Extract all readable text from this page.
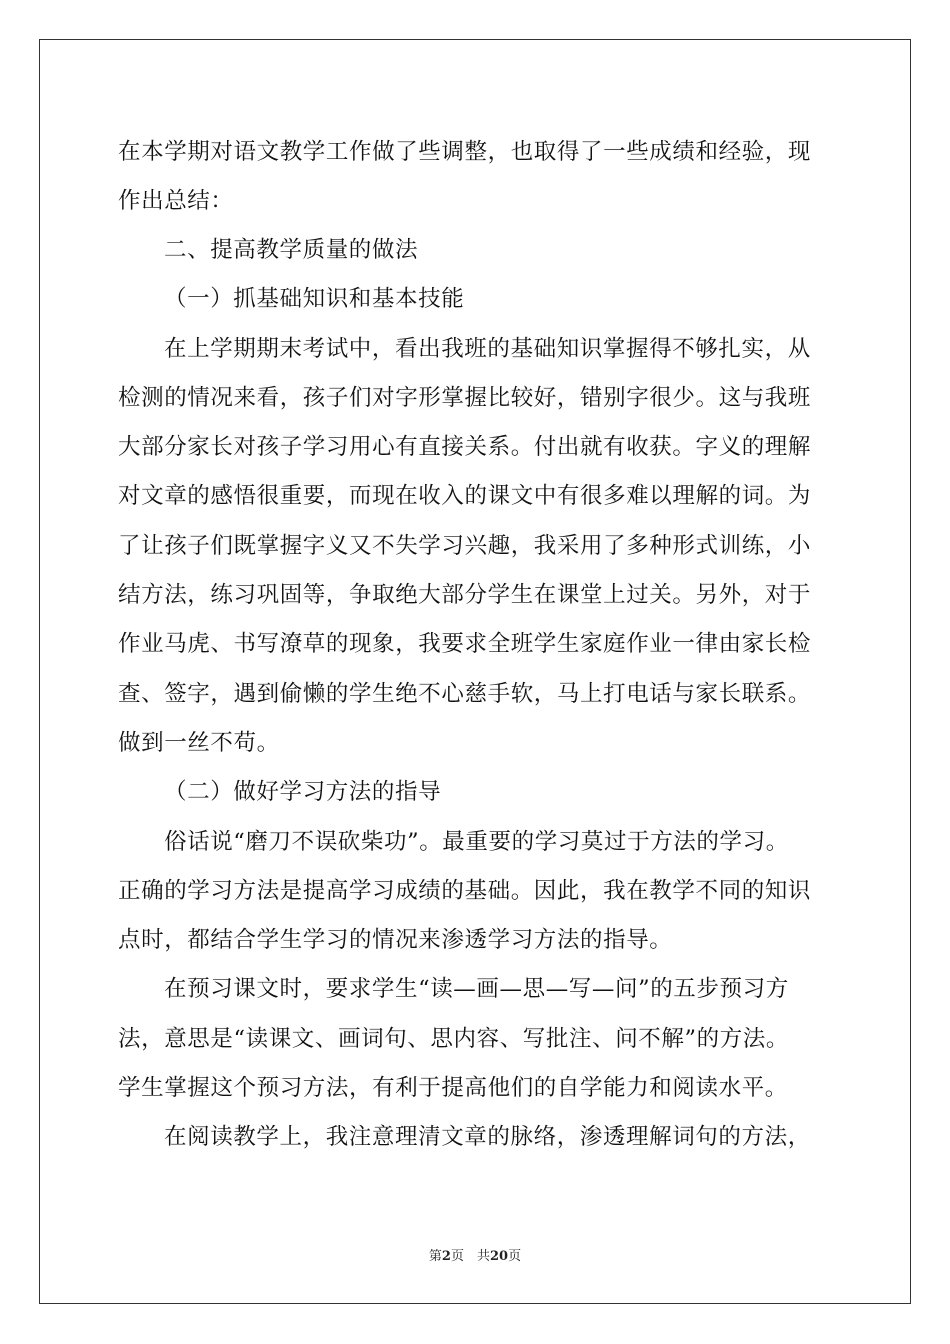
在本学期对语文教学工作做了些调整，也取得了一些成绩和经验，现
作出总结：
二、提高教学质量的做法
（一）抓基础知识和基本技能
在上学期期末考试中，看出我班的基础知识掌握得不够扎实，从
检测的情况来看，孩子们对字形掌握比较好，错别字很少。这与我班
大部分家长对孩子学习用心有直接关系。付出就有收获。字义的理解
对文章的感悟很重要，而现在收入的课文中有很多难以理解的词。为
了让孩子们既掌握字义又不失学习兴趣，我采用了多种形式训练，小
结方法，练习巩固等，争取绝大部分学生在课堂上过关。另外，对于
作业马虎、书写潦草的现象，我要求全班学生家庭作业一律由家长检
查、签字，遇到偷懒的学生绝不心慈手软，马上打电话与家长联系。
做到一丝不苟。
（二）做好学习方法的指导
俗话说“磨刀不误砍柴功”。最重要的学习莫过于方法的学习。
正确的学习方法是提高学习成绩的基础。因此，我在教学不同的知识
点时，都结合学生学习的情况来渗透学习方法的指导。
在预习课文时，要求学生“读—画—思—写—问”的五步预习方
法，意思是“读课文、画词句、思内容、写批注、问不解”的方法。
学生掌握这个预习方法，有利于提高他们的自学能力和阅读水平。
在阅读教学上，我注意理清文章的脉络，渗透理解词句的方法，
第2页　共20页
